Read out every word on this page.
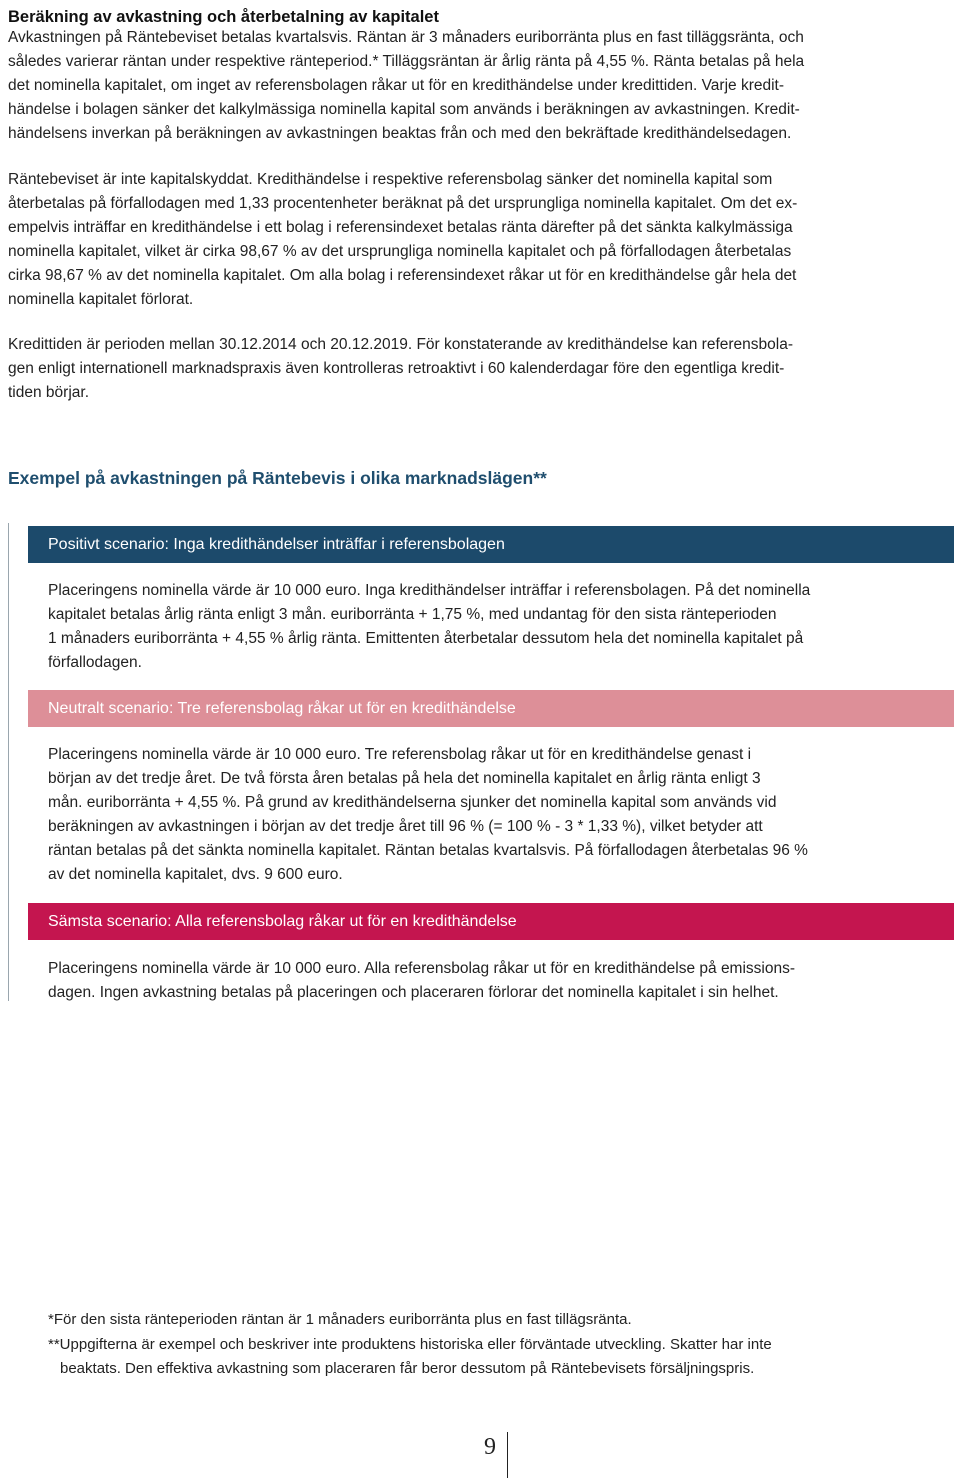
Beräkning av avkastning och återbetalning av kapitalet
Avkastningen på Räntebeviset betalas kvartalsvis. Räntan är 3 månaders euriborränta plus en fast tilläggsränta, och
således varierar räntan under respektive ränteperiod.* Tilläggsräntan är årlig ränta på 4,55 %. Ränta betalas på hela
det nominella kapitalet, om inget av referensbolagen råkar ut för en kredithändelse under kredittiden. Varje kredit-
händelse i bolagen sänker det kalkylmässiga nominella kapital som används i beräkningen av avkastningen. Kredit-
händelsens inverkan på beräkningen av avkastningen beaktas från och med den bekräftade kredithändelsedagen.
Räntebeviset är inte kapitalskyddat. Kredithändelse i respektive referensbolag sänker det nominella kapital som
återbetalas på förfallodagen med 1,33 procentenheter beräknat på det ursprungliga nominella kapitalet. Om det ex-
empelvis inträffar en kredithändelse i ett bolag i referensindexet betalas ränta därefter på det sänkta kalkylmässiga
nominella kapitalet, vilket är cirka 98,67 % av det ursprungliga nominella kapitalet och på förfallodagen återbetalas
cirka 98,67 % av det nominella kapitalet. Om alla bolag i referensindexet råkar ut för en kredithändelse går hela det
nominella kapitalet förlorat.
Kredittiden är perioden mellan 30.12.2014 och 20.12.2019. För konstaterande av kredithändelse kan referensbola-
gen enligt internationell marknadspraxis även kontrolleras retroaktivt i 60 kalenderdagar före den egentliga kredit-
tiden börjar.
Exempel på avkastningen på Räntebevis i olika marknadslägen**
Positivt scenario: Inga kredithändelser inträffar i referensbolagen
Placeringens nominella värde är 10 000 euro. Inga kredithändelser inträffar i referensbolagen. På det nominella
kapitalet betalas årlig ränta enligt 3 mån. euriborränta + 1,75 %, med undantag för den sista ränteperioden
1 månaders euriborränta + 4,55 % årlig ränta. Emittenten återbetalar dessutom hela det nominella kapitalet på
förfallodagen.
Neutralt scenario: Tre referensbolag råkar ut för en kredithändelse
Placeringens nominella värde är 10 000 euro. Tre referensbolag råkar ut för en kredithändelse genast i
början av det tredje året. De två första åren betalas på hela det nominella kapitalet en årlig ränta enligt 3
mån. euriborränta + 4,55 %. På grund av kredithändelserna sjunker det nominella kapital som används vid
beräkningen av avkastningen i början av det tredje året till 96 % (= 100 % - 3 * 1,33 %), vilket betyder att
räntan betalas på det sänkta nominella kapitalet. Räntan betalas kvartalsvis. På förfallodagen återbetalas 96 %
av det nominella kapitalet, dvs. 9 600 euro.
Sämsta scenario: Alla referensbolag råkar ut för en kredithändelse
Placeringens nominella värde är 10 000 euro. Alla referensbolag råkar ut för en kredithändelse på emissions-
dagen. Ingen avkastning betalas på placeringen och placeraren förlorar det nominella kapitalet i sin helhet.
*För den sista ränteperioden räntan är 1 månaders euriborränta plus en fast tillägsränta.
**Uppgifterna är exempel och beskriver inte produktens historiska eller förväntade utveckling. Skatter har inte
beaktats. Den effektiva avkastning som placeraren får beror dessutom på Räntebevisets försäljningspris.
9
